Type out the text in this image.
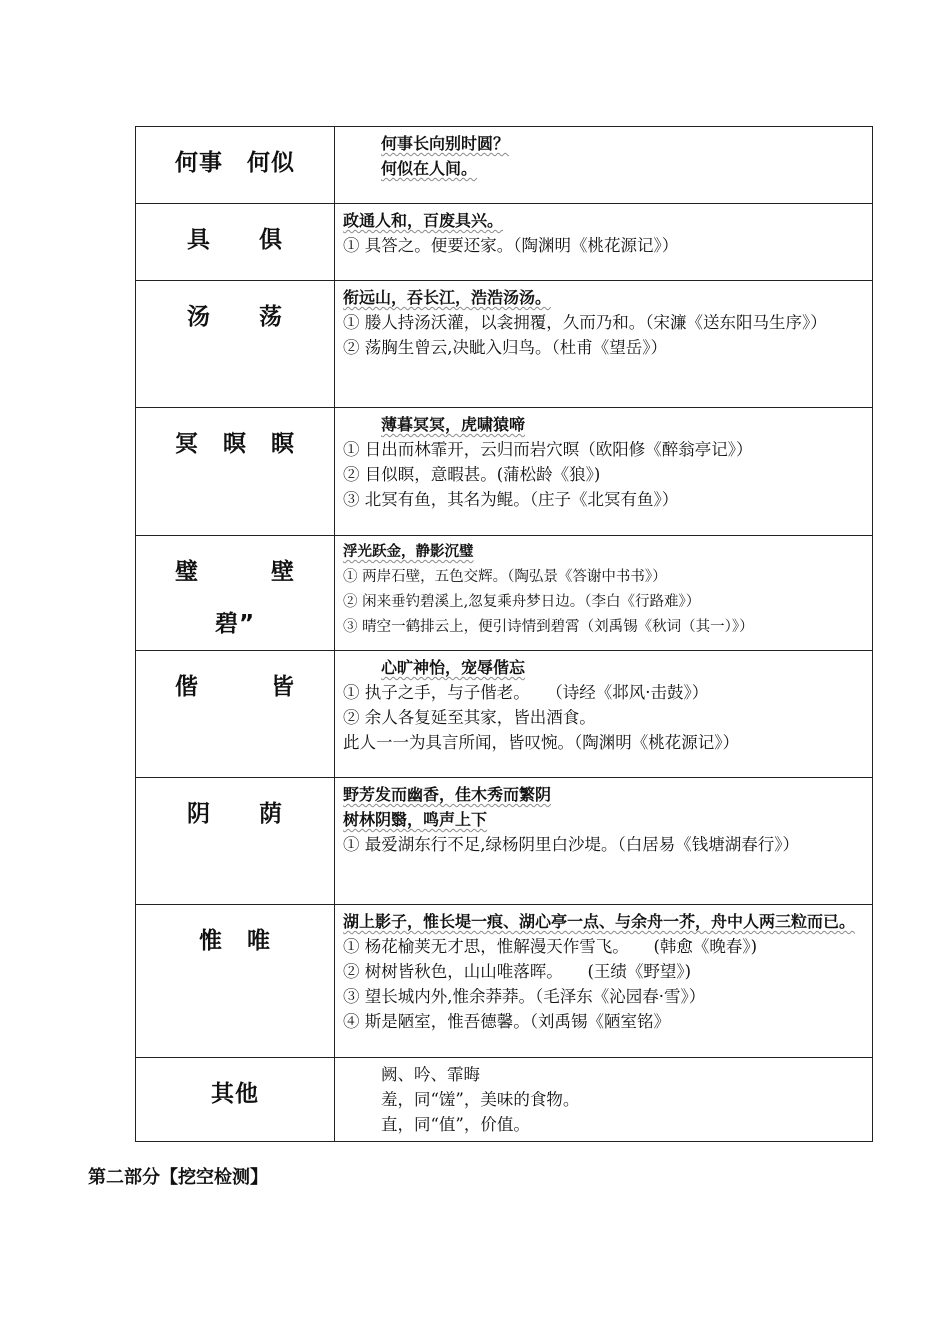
何事　何似	何事长向别时圆？
何似在人间。

具　　俱	政通人和，百废具兴。
① 具答之。便要还家。（陶渊明《桃花源记》）

汤　　荡	衔远山，吞长江，浩浩汤汤。
① 媵人持汤沃灌，以衾拥覆，久而乃和。（宋濂《送东阳马生序》）
② 荡胸生曾云,决眦入归鸟。（杜甫《望岳》）

冥　暝　瞑	薄暮冥冥，虎啸猿啼
① 日出而林霏开，云归而岩穴暝（欧阳修《醉翁亭记》）
② 目似瞑，意暇甚。(蒲松龄《狼》)
③ 北冥有鱼，其名为鲲。（庄子《北冥有鱼》）

璧　　　壁
碧”	浮光跃金，静影沉璧
① 两岸石壁，五色交辉。（陶弘景《答谢中书书》）
② 闲来垂钓碧溪上,忽复乘舟梦日边。（李白《行路难》）
③ 晴空一鹤排云上，便引诗情到碧霄（刘禹锡《秋词（其一）》）

偕　　　皆	心旷神怡，宠辱偕忘
① 执子之手，与子偕老。　　（诗经《邶风·击鼓》）
② 余人各复延至其家，皆出酒食。
此人一一为具言所闻，皆叹惋。（陶渊明《桃花源记》）

阴　　荫	野芳发而幽香，佳木秀而繁阴
树林阴翳，鸣声上下
① 最爱湖东行不足,绿杨阴里白沙堤。（白居易《钱塘湖春行》）

惟　唯	湖上影子，惟长堤一痕、湖心亭一点、与余舟一芥，舟中人两三粒而已。
① 杨花榆荚无才思，惟解漫天作雪飞。　　(韩愈《晚春》)
② 树树皆秋色，山山唯落晖。　　(王绩《野望》)
③ 望长城内外,惟余莽莽。（毛泽东《沁园春·雪》）
④ 斯是陋室，惟吾德馨。（刘禹锡《陋室铭》

其他	阙、吟、霏晦
羞，同“馐”，美味的食物。
直，同“值”，价值。
第二部分【挖空检测】
